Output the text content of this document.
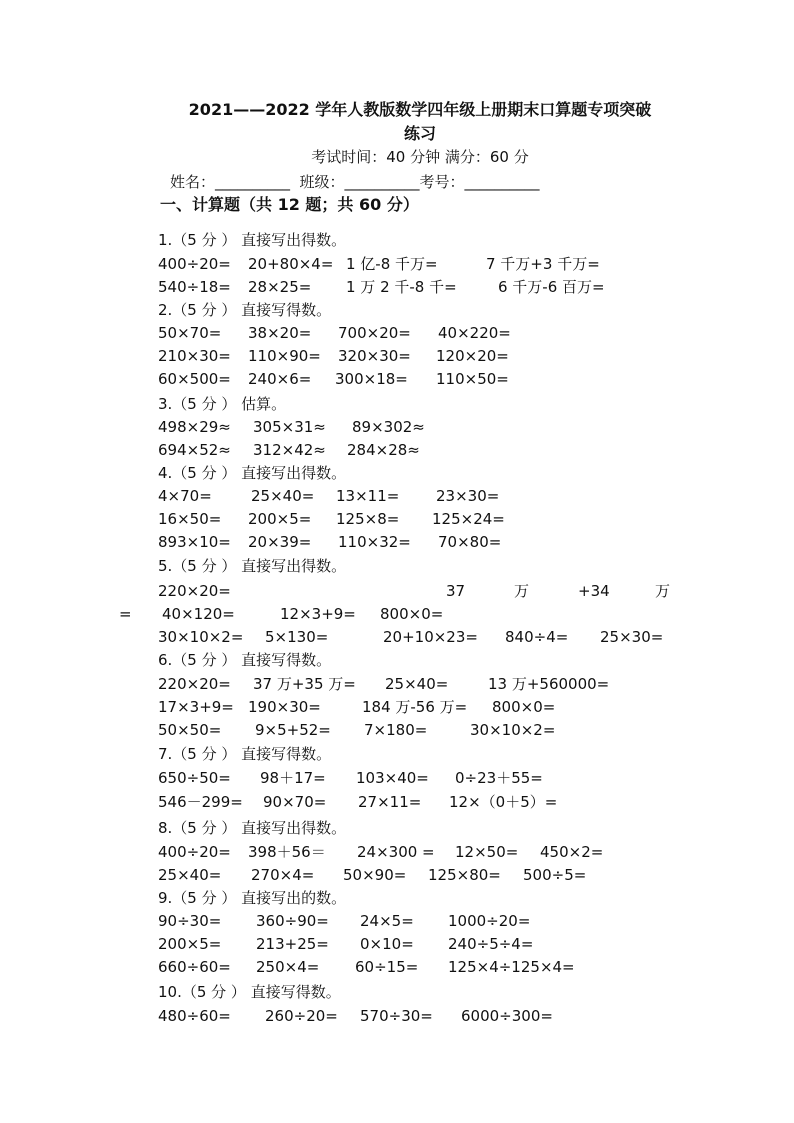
2021——2022 学年人教版数学四年级上册期末口算题专项突破
练习
考试时间：40 分钟 满分：60 分
姓名：__________  班级：__________考号：__________
一、计算题（共 12 题；共 60 分）
1.（5 分 ） 直接写出得数。
400÷20= 20+80×4= 1 亿-8 千万=	7 千万+3 千万=
540÷18= 28×25= 1 万 2 千-8 千=	6 千万-6 百万=
2.（5 分 ） 直接写得数。
50×70= 38×20= 700×20= 40×220=
210×30= 110×90= 320×30= 120×20=
60×500= 240×6= 300×18= 110×50=
3.（5 分 ） 估算。
498×29≈ 305×31≈ 89×302≈
694×52≈ 312×42≈ 284×28≈
4.（5 分 ） 直接写出得数。
4×70=	25×40= 13×11= 23×30=
16×50= 200×5= 125×8= 125×24=
893×10= 20×39= 110×32= 70×80=
5.（5 分 ） 直接写出得数。
220×20=	37	万	+34	万
= 40×120=	12×3+9= 800×0=
30×10×2= 5×130=	20+10×23= 840÷4= 25×30=
6.（5 分 ） 直接写得数。
220×20= 37 万+35 万= 25×40=	13 万+560000=
17×3+9= 190×30=	184 万-56 万= 800×0=
50×50= 9×5+52= 7×180=	30×10×2=
7.（5 分 ） 直接写得数。
650÷50= 98＋17= 103×40= 0÷23＋55=
546－299= 90×70= 27×11= 12×（0＋5）=
8.（5 分 ） 直接写出得数。
400÷20= 398＋56＝ 24×300 = 12×50= 450×2=
25×40= 270×4= 50×90= 125×80= 500÷5=
9.（5 分 ） 直接写出的数。
90÷30= 360÷90= 24×5= 1000÷20=
200×5= 213+25= 0×10= 240÷5÷4=
660÷60= 250×4= 60÷15= 125×4÷125×4=
10.（5 分 ） 直接写得数。
480÷60= 260÷20= 570÷30= 6000÷300=
